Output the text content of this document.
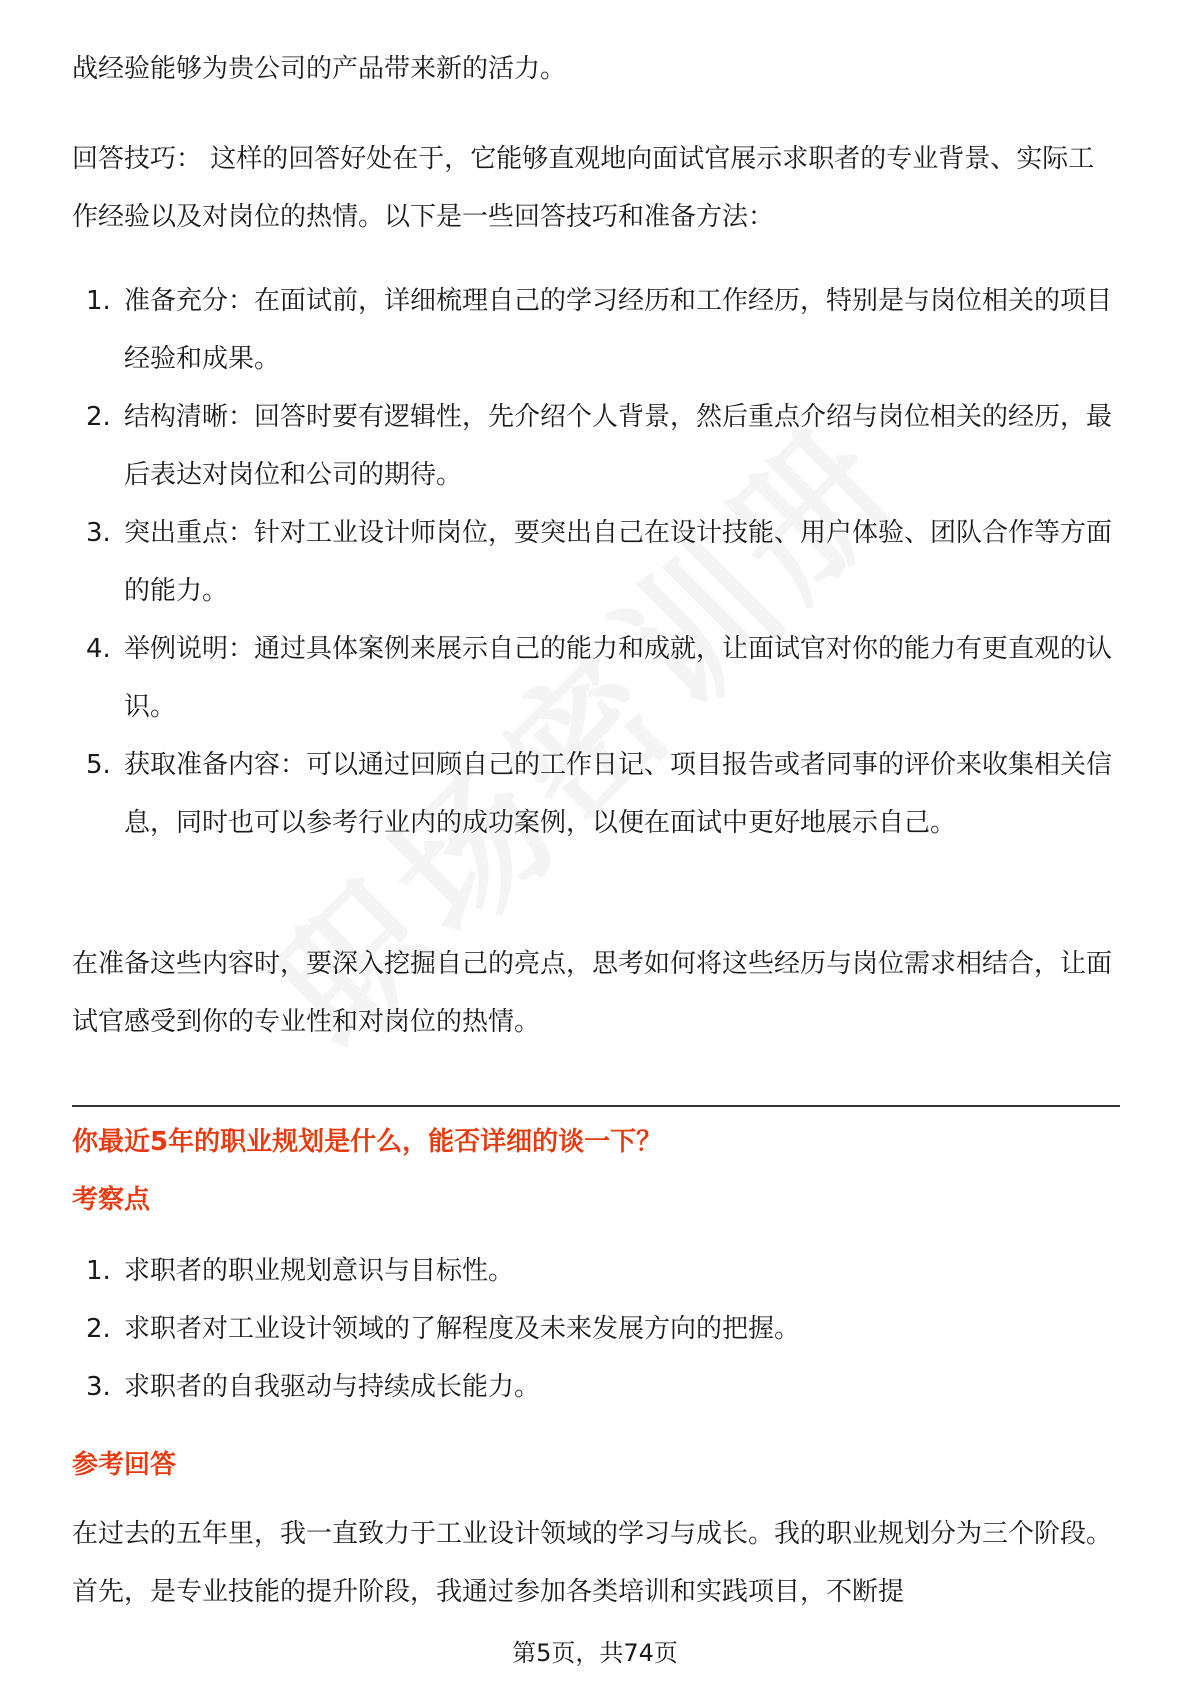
战经验能够为贵公司的产品带来新的活力。

回答技巧： 这样的回答好处在于，它能够直观地向面试官展示求职者的专业背景、实际工作经验以及对岗位的热情。以下是一些回答技巧和准备方法：

1. 准备充分：在面试前，详细梳理自己的学习经历和工作经历，特别是与岗位相关的项目经验和成果。
2. 结构清晰：回答时要有逻辑性，先介绍个人背景，然后重点介绍与岗位相关的经历，最后表达对岗位和公司的期待。
3. 突出重点：针对工业设计师岗位，要突出自己在设计技能、用户体验、团队合作等方面的能力。
4. 举例说明：通过具体案例来展示自己的能力和成就，让面试官对你的能力有更直观的认识。
5. 获取准备内容：可以通过回顾自己的工作日记、项目报告或者同事的评价来收集相关信息，同时也可以参考行业内的成功案例，以便在面试中更好地展示自己。

在准备这些内容时，要深入挖掘自己的亮点，思考如何将这些经历与岗位需求相结合，让面试官感受到你的专业性和对岗位的热情。

你最近5年的职业规划是什么，能否详细的谈一下？
考察点
1. 求职者的职业规划意识与目标性。
2. 求职者对工业设计领域的了解程度及未来发展方向的把握。
3. 求职者的自我驱动与持续成长能力。
参考回答

在过去的五年里，我一直致力于工业设计领域的学习与成长。我的职业规划分为三个阶段。首先，是专业技能的提升阶段，我通过参加各类培训和实践项目，不断提

第5页，共74页
